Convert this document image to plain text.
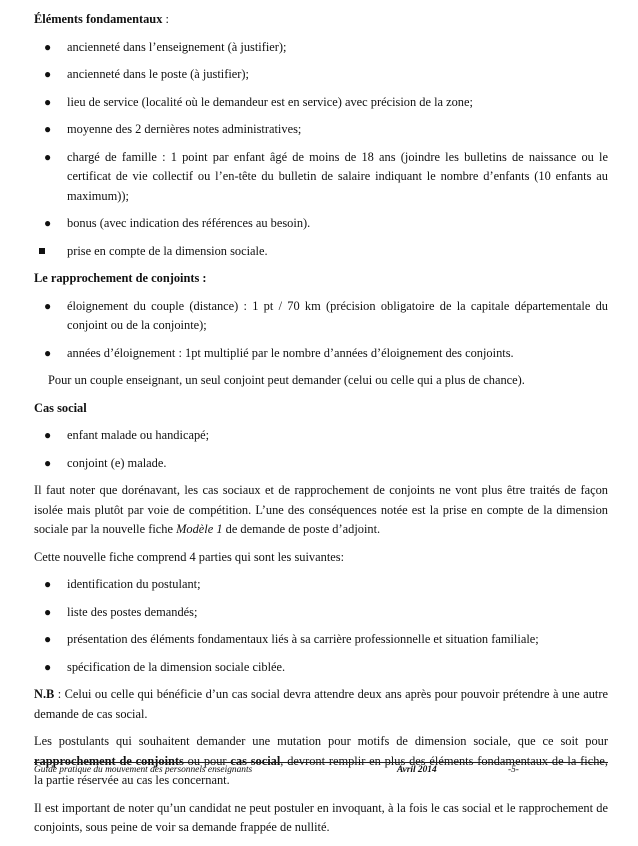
Éléments fondamentaux :

● ancienneté dans l’enseignement (à justifier);
● ancienneté dans le poste (à justifier);
● lieu de service (localité où le demandeur est en service) avec précision de la zone;
● moyenne des 2 dernières notes administratives;
● chargé de famille : 1 point par enfant âgé de moins de 18 ans (joindre les bulletins de naissance ou le certificat de vie collectif ou l’en-tête du bulletin de salaire indiquant le nombre d’enfants (10 enfants au maximum));
● bonus (avec indication des références au besoin).
prise en compte de la dimension sociale.

Le rapprochement de conjoints :

● éloignement du couple (distance) : 1 pt / 70 km (précision obligatoire de la capitale départementale du conjoint ou de la conjointe);
● années d’éloignement : 1pt multiplié par le nombre d’années d’éloignement des conjoints.

Pour un couple enseignant, un seul conjoint peut demander (celui ou celle qui a plus de chance).

Cas social

● enfant malade ou handicapé;
● conjoint (e) malade.

Il faut noter que dorénavant, les cas sociaux et de rapprochement de conjoints ne vont plus être traités de façon isolée mais plutôt par voie de compétition. L’une des conséquences notée est la prise en compte de la dimension sociale par la nouvelle fiche Modèle 1 de demande de poste d’adjoint.

Cette nouvelle fiche comprend 4 parties qui sont les suivantes:

● identification du postulant;
● liste des postes demandés;
● présentation des éléments fondamentaux liés à sa carrière professionnelle et situation familiale;
● spécification de la dimension sociale ciblée.

N.B : Celui ou celle qui bénéficie d’un cas social devra attendre deux ans après pour pouvoir prétendre à une autre demande de cas social.

Les postulants qui souhaitent demander une mutation pour motifs de dimension sociale, que ce soit pour rapprochement de conjoints ou pour cas social, devront remplir en plus des éléments fondamentaux de la fiche, la partie réservée au cas les concernant.

Il est important de noter qu’un candidat ne peut postuler en invoquant, à la fois le cas social et le rapprochement de conjoints, sous peine de voir sa demande frappée de nullité.

Guide pratique du mouvement des personnels enseignants	Avril 2014	-5-
